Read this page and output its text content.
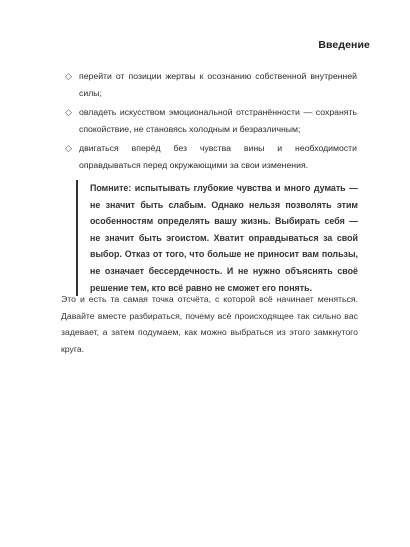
Введение
◇ перейти от позиции жертвы к осознанию собственной внутренней силы;
◇ овладеть искусством эмоциональной отстранённости — сохранять спокойствие, не становясь холодным и безразличным;
◇ двигаться вперёд без чувства вины и необходимости оправдываться перед окружающими за свои изменения.

Помните: испытывать глубокие чувства и много думать — не значит быть слабым. Однако нельзя позволять этим особенностям определять вашу жизнь. Выбирать себя — не значит быть эгоистом. Хватит оправдываться за свой выбор. Отказ от того, что больше не приносит вам пользы, не означает бессердечность. И не нужно объяснять своё решение тем, кто всё равно не сможет его понять.

Это и есть та самая точка отсчёта, с которой всё начинает меняться. Давайте вместе разбираться, почему всё происходящее так сильно вас задевает, а затем подумаем, как можно выбраться из этого замкнутого круга.
